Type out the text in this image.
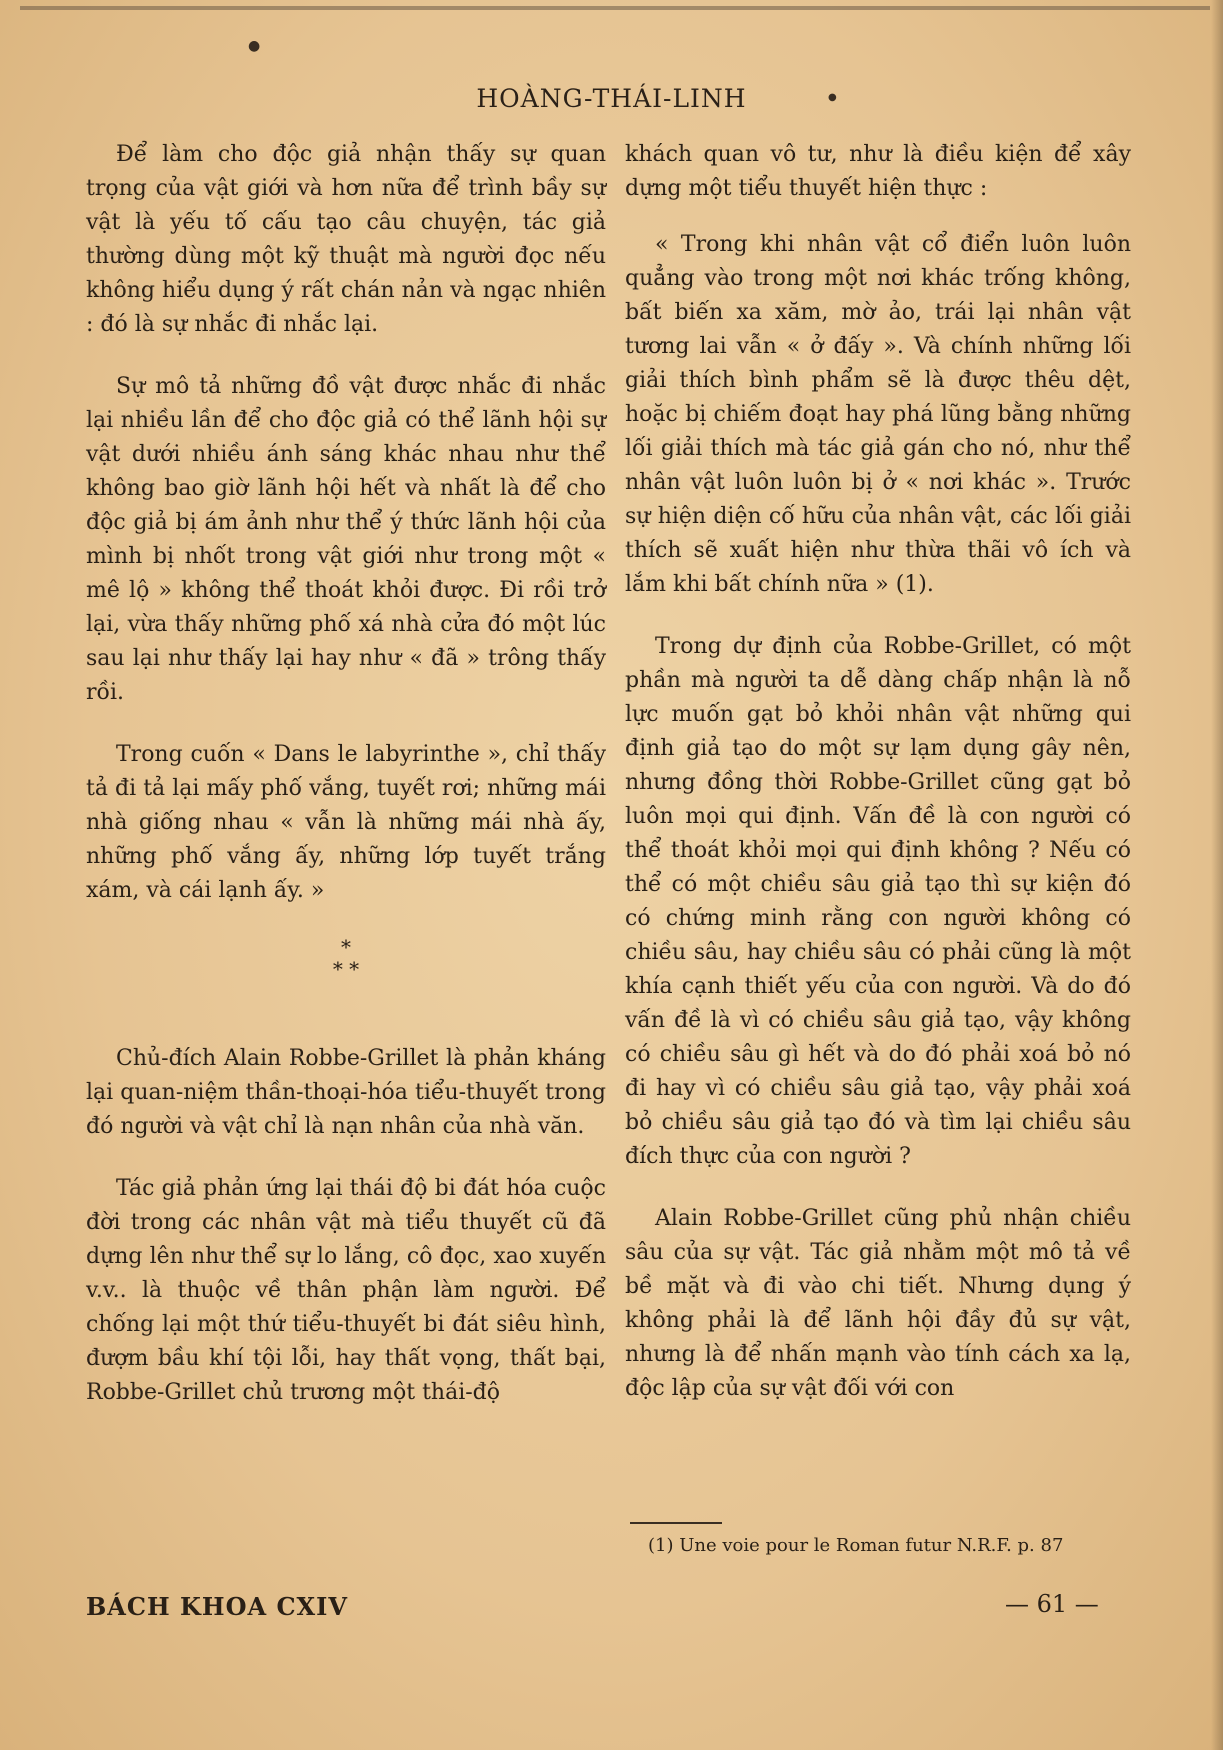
●
●
HOÀNG-THÁI-LINH

Để làm cho độc giả nhận thấy sự quan trọng của vật giới và hơn nữa để trình bầy sự vật là yếu tố cấu tạo câu chuyện, tác giả thường dùng một kỹ thuật mà người đọc nếu không hiểu dụng ý rất chán nản và ngạc nhiên : đó là sự nhắc đi nhắc lại.

Sự mô tả những đồ vật được nhắc đi nhắc lại nhiều lần để cho độc giả có thể lãnh hội sự vật dưới nhiều ánh sáng khác nhau như thể không bao giờ lãnh hội hết và nhất là để cho độc giả bị ám ảnh như thể ý thức lãnh hội của mình bị nhốt trong vật giới như trong một « mê lộ » không thể thoát khỏi được. Đi rồi trở lại, vừa thấy những phố xá nhà cửa đó một lúc sau lại như thấy lại hay như « đã » trông thấy rồi.

Trong cuốn « Dans le labyrinthe », chỉ thấy tả đi tả lại mấy phố vắng, tuyết rơi; những mái nhà giống nhau « vẫn là những mái nhà ấy, những phố vắng ấy, những lớp tuyết trắng xám, và cái lạnh ấy. »

*
* *

Chủ-đích Alain Robbe-Grillet là phản kháng lại quan-niệm thần-thoại-hóa tiểu-thuyết trong đó người và vật chỉ là nạn nhân của nhà văn.

Tác giả phản ứng lại thái độ bi đát hóa cuộc đời trong các nhân vật mà tiểu thuyết cũ đã dựng lên như thể sự lo lắng, cô đọc, xao xuyến v.v.. là thuộc về thân phận làm người. Để chống lại một thứ tiểu-thuyết bi đát siêu hình, đượm bầu khí tội lỗi, hay thất vọng, thất bại, Robbe-Grillet chủ trương một thái-độ

khách quan vô tư, như là điều kiện để xây dựng một tiểu thuyết hiện thực :

« Trong khi nhân vật cổ điển luôn luôn quẳng vào trong một nơi khác trống không, bất biến xa xăm, mờ ảo, trái lại nhân vật tương lai vẫn « ở đấy ». Và chính những lối giải thích bình phẩm sẽ là được thêu dệt, hoặc bị chiếm đoạt hay phá lũng bằng những lối giải thích mà tác giả gán cho nó, như thể nhân vật luôn luôn bị ở « nơi khác ». Trước sự hiện diện cố hữu của nhân vật, các lối giải thích sẽ xuất hiện như thừa thãi vô ích và lắm khi bất chính nữa » (1).

Trong dự định của Robbe-Grillet, có một phần mà người ta dễ dàng chấp nhận là nỗ lực muốn gạt bỏ khỏi nhân vật những qui định giả tạo do một sự lạm dụng gây nên, nhưng đồng thời Robbe-Grillet cũng gạt bỏ luôn mọi qui định. Vấn đề là con người có thể thoát khỏi mọi qui định không ? Nếu có thể có một chiều sâu giả tạo thì sự kiện đó có chứng minh rằng con người không có chiều sâu, hay chiều sâu có phải cũng là một khía cạnh thiết yếu của con người. Và do đó vấn đề là vì có chiều sâu giả tạo, vậy không có chiều sâu gì hết và do đó phải xoá bỏ nó đi hay vì có chiều sâu giả tạo, vậy phải xoá bỏ chiều sâu giả tạo đó và tìm lại chiều sâu đích thực của con người ?

Alain Robbe-Grillet cũng phủ nhận chiều sâu của sự vật. Tác giả nhằm một mô tả về bề mặt và đi vào chi tiết. Nhưng dụng ý không phải là để lãnh hội đầy đủ sự vật, nhưng là để nhấn mạnh vào tính cách xa lạ, độc lập của sự vật đối với con

(1) Une voie pour le Roman futur N.R.F. p. 87
BÁCH KHOA CXIV	— 61 —
